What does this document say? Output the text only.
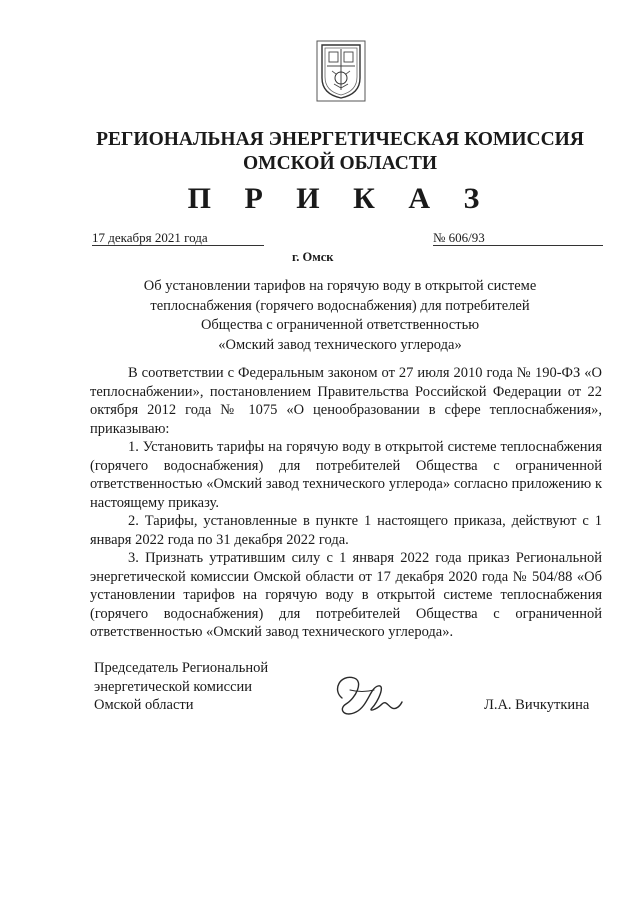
РЕГИОНАЛЬНАЯ ЭНЕРГЕТИЧЕСКАЯ КОМИССИЯ
ОМСКОЙ ОБЛАСТИ
П Р И К А З
17 декабря 2021 года	№ 606/93
г. Омск
Об установлении тарифов на горячую воду в открытой системе
теплоснабжения (горячего водоснабжения) для потребителей
Общества с ограниченной ответственностью
«Омский завод технического углерода»

В соответствии с Федеральным законом от 27 июля 2010 года № 190-ФЗ «О теплоснабжении», постановлением Правительства Российской Федерации от 22 октября 2012 года № 1075 «О ценообразовании в сфере теплоснабжения», приказываю:

1. Установить тарифы на горячую воду в открытой системе теплоснабжения (горячего водоснабжения) для потребителей Общества с ограниченной ответственностью «Омский завод технического углерода» согласно приложению к настоящему приказу.

2. Тарифы, установленные в пункте 1 настоящего приказа, действуют с 1 января 2022 года по 31 декабря 2022 года.

3. Признать утратившим силу с 1 января 2022 года приказ Региональной энергетической комиссии Омской области от 17 декабря 2020 года № 504/88 «Об установлении тарифов на горячую воду в открытой системе теплоснабжения (горячего водоснабжения) для потребителей Общества с ограниченной ответственностью «Омский завод технического углерода».

Председатель Региональной
энергетической комиссии
Омской области	Л.А. Вичкуткина
